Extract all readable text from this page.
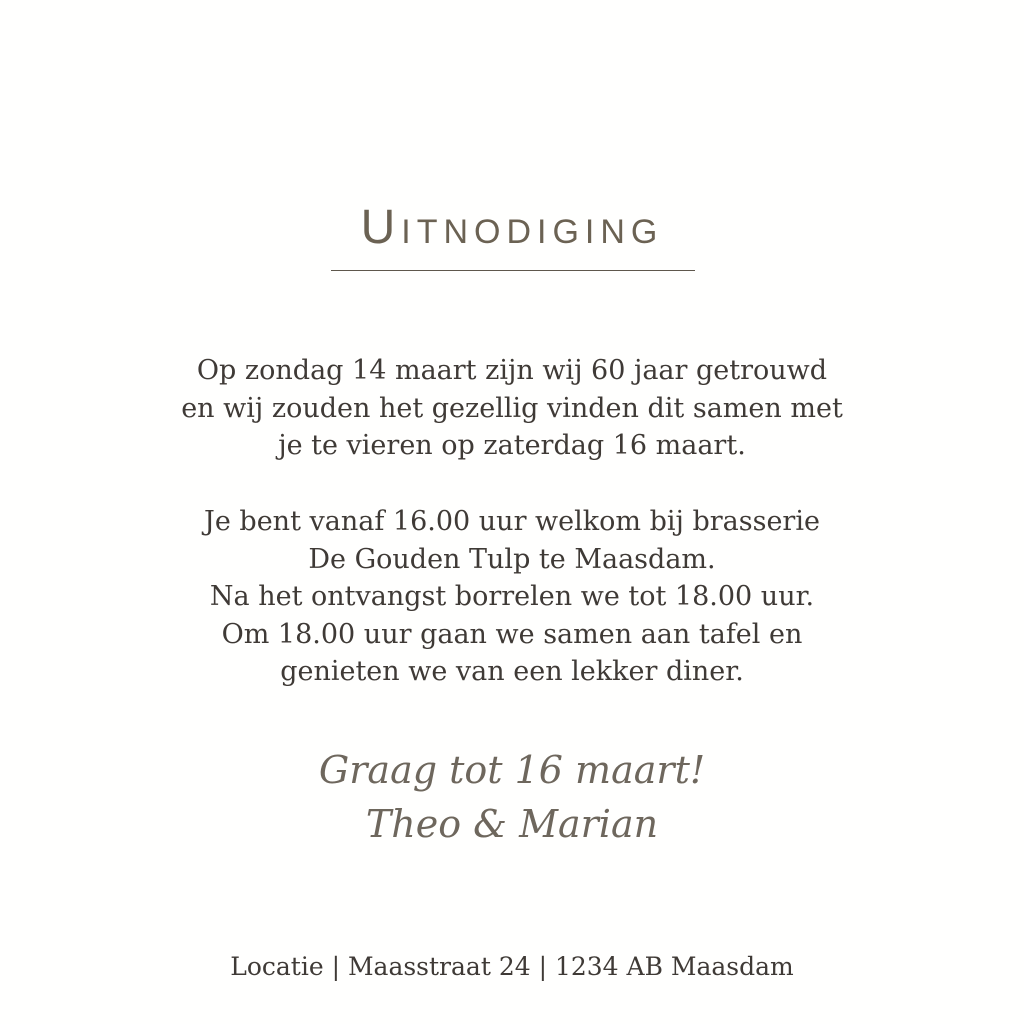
Uitnodiging

Op zondag 14 maart zijn wij 60 jaar getrouwd

en wij zouden het gezellig vinden dit samen met

je te vieren op zaterdag 16 maart.

Je bent vanaf 16.00 uur welkom bij brasserie

De Gouden Tulp te Maasdam.

Na het ontvangst borrelen we tot 18.00 uur.

Om 18.00 uur gaan we samen aan tafel en

genieten we van een lekker diner.

Graag tot 16 maart!

Theo & Marian

Locatie | Maasstraat 24 | 1234 AB Maasdam
